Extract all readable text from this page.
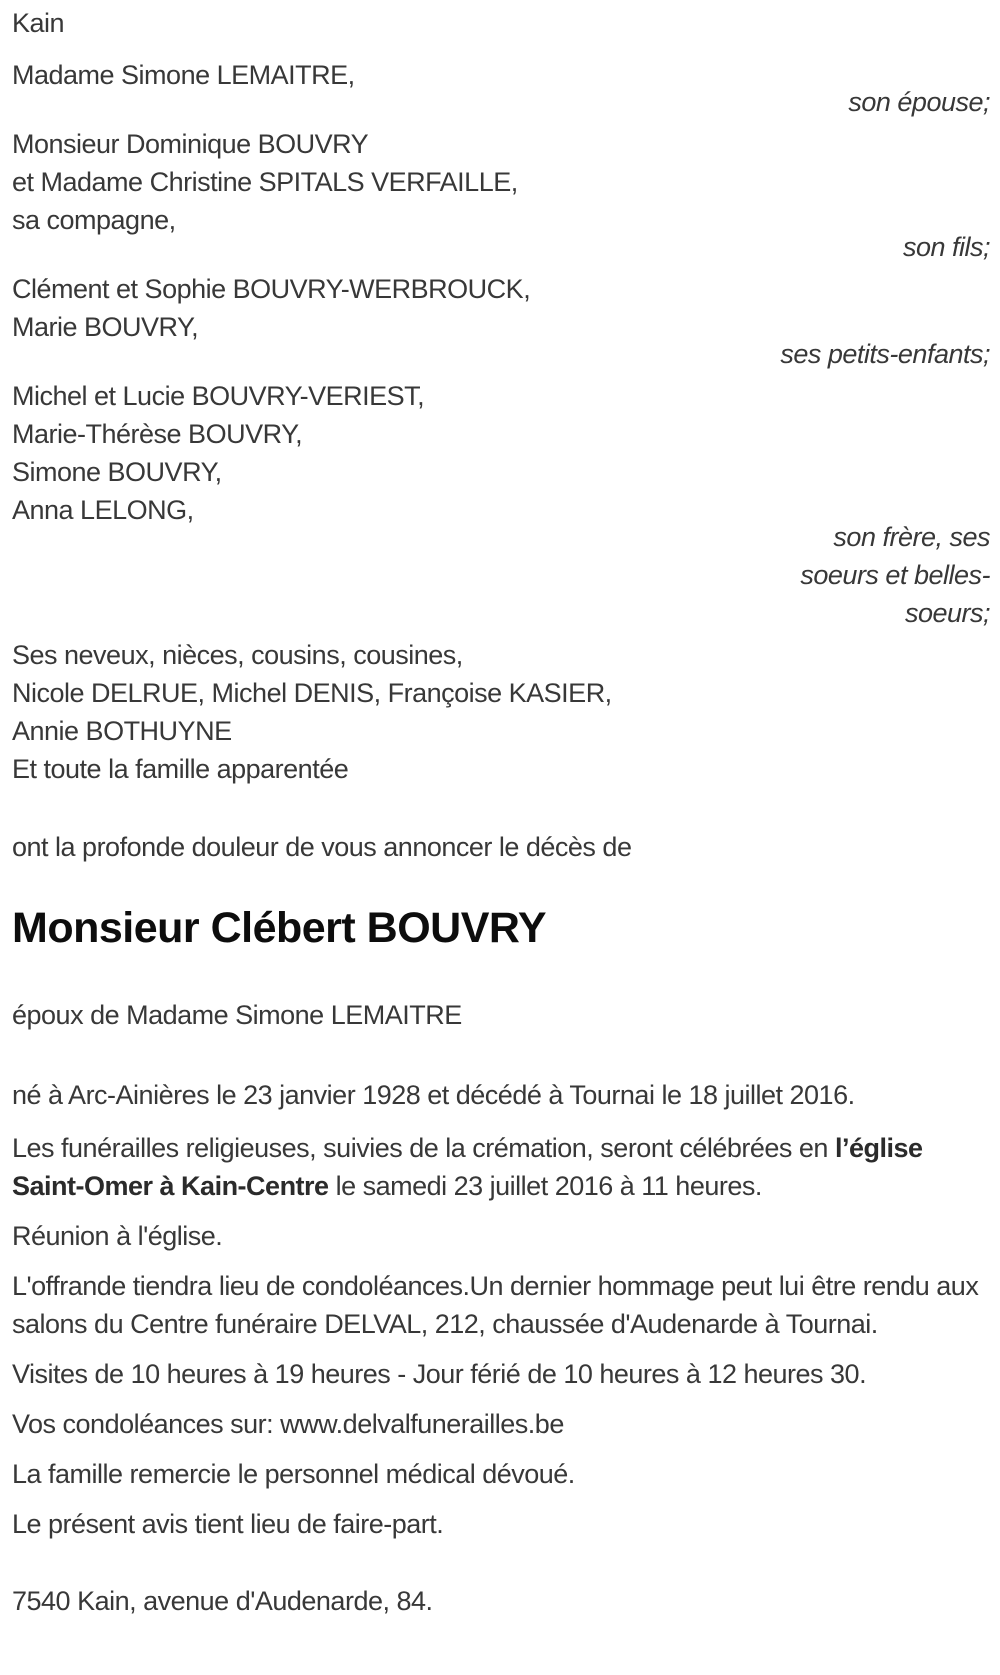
Kain
Madame Simone LEMAITRE,
son épouse;
Monsieur Dominique BOUVRY
et Madame Christine SPITALS VERFAILLE,
sa compagne,
son fils;
Clément et Sophie BOUVRY-WERBROUCK,
Marie BOUVRY,
ses petits-enfants;
Michel et Lucie BOUVRY-VERIEST,
Marie-Thérèse BOUVRY,
Simone BOUVRY,
Anna LELONG,
son frère, ses
soeurs et belles-
soeurs;
Ses neveux, nièces, cousins, cousines,
Nicole DELRUE, Michel DENIS, Françoise KASIER,
Annie BOTHUYNE
Et toute la famille apparentée
ont la profonde douleur de vous annoncer le décès de
Monsieur Clébert BOUVRY
époux de Madame Simone LEMAITRE
né à Arc-Ainières le 23 janvier 1928 et décédé à Tournai le 18 juillet 2016.
Les funérailles religieuses, suivies de la crémation, seront célébrées en l’église Saint-Omer à Kain-Centre le samedi 23 juillet 2016 à 11 heures.
Réunion à l'église.
L'offrande tiendra lieu de condoléances.Un dernier hommage peut lui être rendu aux salons du Centre funéraire DELVAL, 212, chaussée d'Audenarde à Tournai.
Visites de 10 heures à 19 heures - Jour férié de 10 heures à 12 heures 30.
Vos condoléances sur: www.delvalfunerailles.be
La famille remercie le personnel médical dévoué.
Le présent avis tient lieu de faire-part.
7540 Kain, avenue d'Audenarde, 84.
